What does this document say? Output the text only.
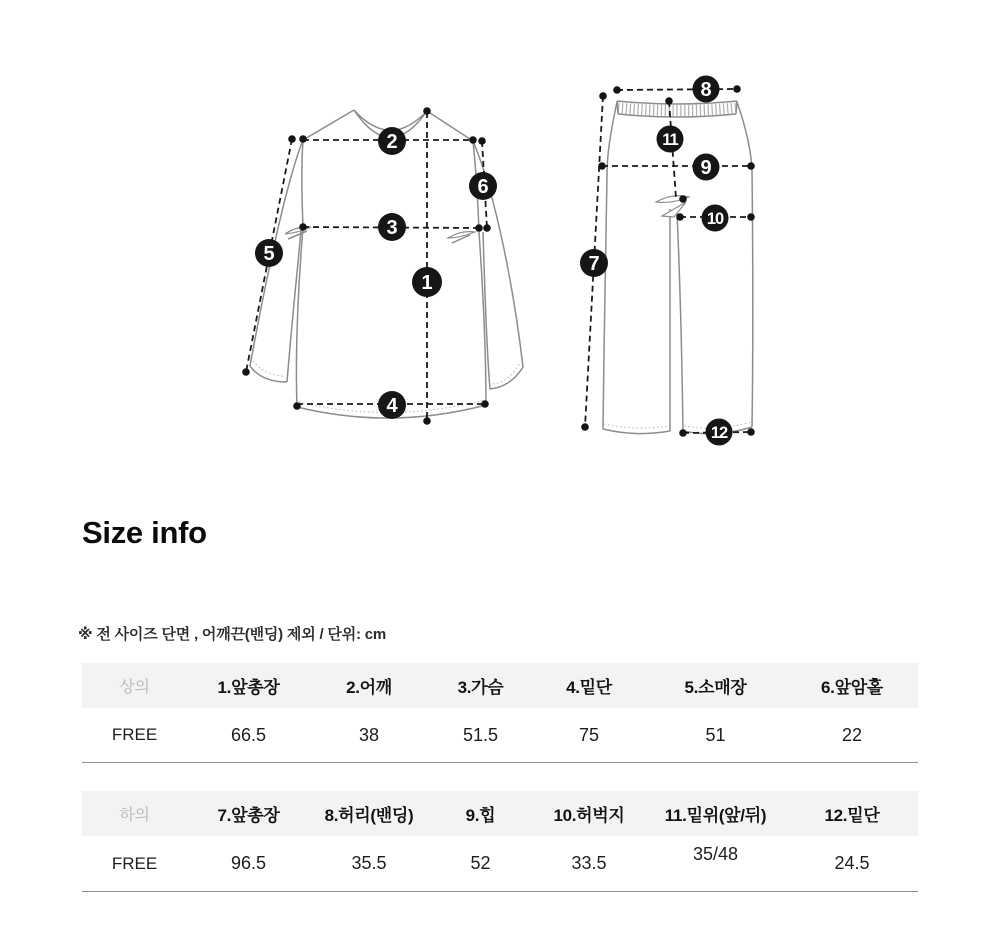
1
2
3
4
5
6
7
8
9
10
11
12
Size info

※ 전 사이즈 단면 , 어깨끈(밴딩) 제외 / 단위: cm

상의	1.앞총장	2.어깨	3.가슴	4.밑단	5.소매장	6.앞암홀
FREE	66.5	38	51.5	75	51	22
하의	7.앞총장	8.허리(밴딩)	9.힙	10.허벅지	11.밑위(앞/뒤)	12.밑단
FREE	96.5	35.5	52	33.5	35/48	24.5
